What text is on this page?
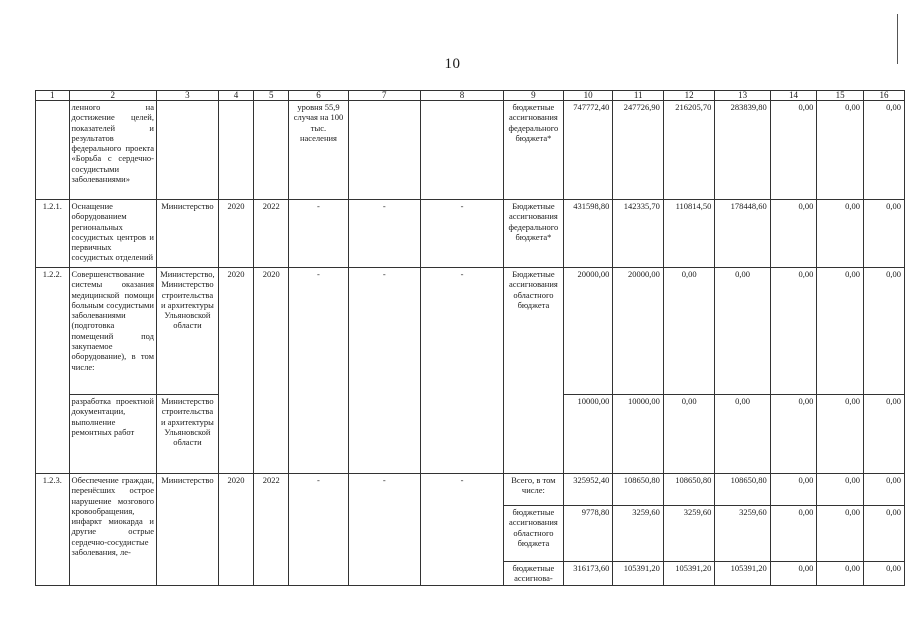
10
1	2	3	4	5	6	7	8	9	10	11	12	13	14	15	16
	ленного на достижение целей, показателей и результатов федерального проекта «Борьба с сердечно-сосудистыми заболеваниями»				уровня 55,9 случая на 100 тыс. населения			бюджетные ассигнования федерального бюджета*	747772,40	247726,90	216205,70	283839,80	0,00	0,00	0,00
1.2.1.	Оснащение оборудованием региональных сосудистых центров и первичных сосудистых отделений	Министерство	2020	2022	-	-	-	Бюджетные ассигнования федерального бюджета*	431598,80	142335,70	110814,50	178448,60	0,00	0,00	0,00
1.2.2.	Совершенствование системы оказания медицинской помощи больным сосудистыми заболеваниями (подготовка помещений под закупаемое оборудование), в том числе:	Министерство, Министерство строительства и архитектуры Ульяновской области	2020	2020	-	-	-	Бюджетные ассигнования областного бюджета	20000,00	20000,00	0,00	0,00	0,00	0,00	0,00
	разработка проектной документации, выполнение ремонтных работ	Министерство строительства и архитектуры Ульяновской области							10000,00	10000,00	0,00	0,00	0,00	0,00	0,00
1.2.3.	Обеспечение граждан, перенёсших острое нарушение мозгового кровообращения, инфаркт миокарда и другие острые сердечно-сосудистые заболевания, ле-	Министерство	2020	2022	-	-	-	Всего, в том числе:	325952,40	108650,80	108650,80	108650,80	0,00	0,00	0,00
								бюджетные ассигнования областного бюджета	9778,80	3259,60	3259,60	3259,60	0,00	0,00	0,00
								бюджетные ассигнова-	316173,60	105391,20	105391,20	105391,20	0,00	0,00	0,00
